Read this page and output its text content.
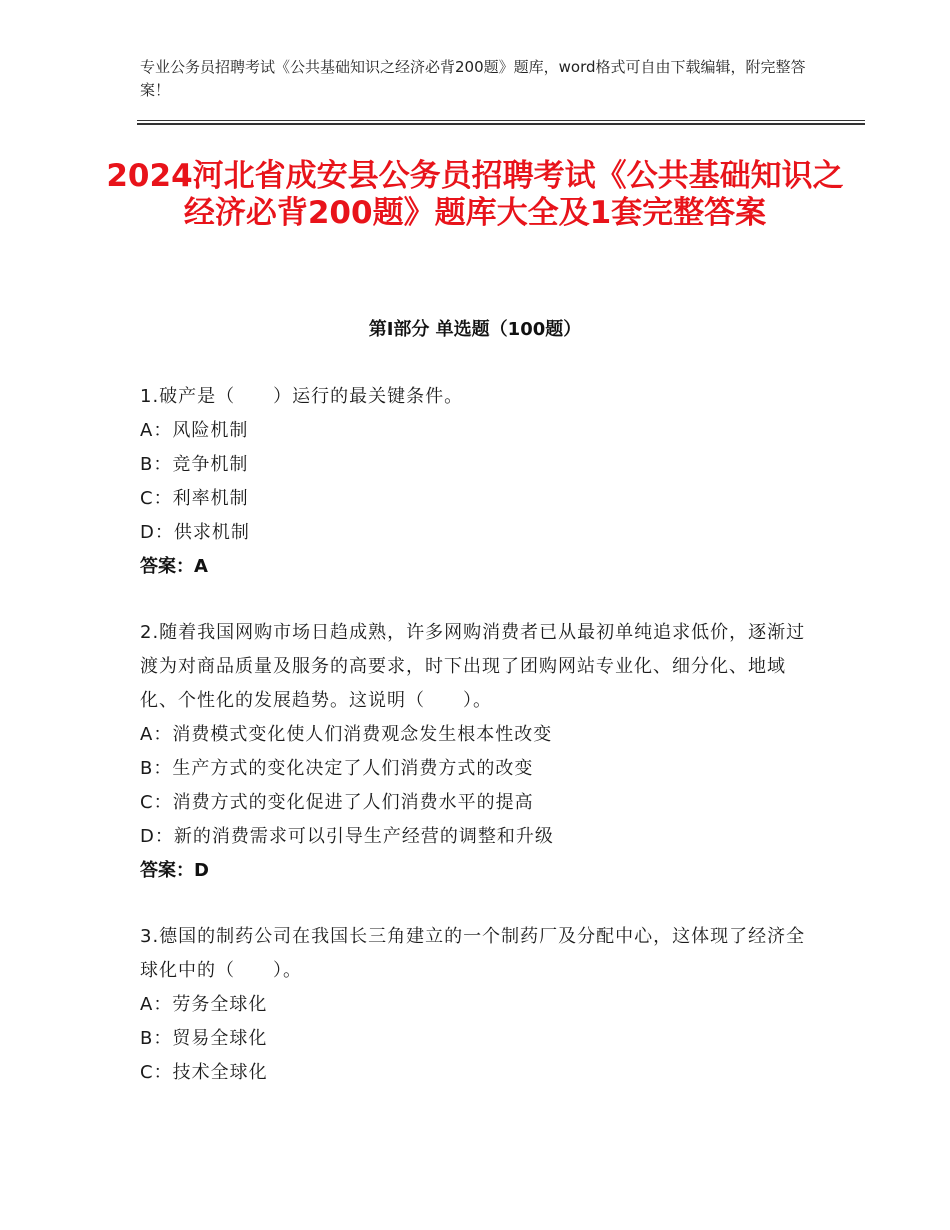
专业公务员招聘考试《公共基础知识之经济必背200题》题库，word格式可自由下载编辑，附完整答案！
2024河北省成安县公务员招聘考试《公共基础知识之经济必背200题》题库大全及1套完整答案
第Ⅰ部分 单选题（100题）
1.破产是（　　）运行的最关键条件。
A：风险机制
B：竞争机制
C：利率机制
D：供求机制
答案：A
2.随着我国网购市场日趋成熟，许多网购消费者已从最初单纯追求低价，逐渐过渡为对商品质量及服务的高要求，时下出现了团购网站专业化、细分化、地域化、个性化的发展趋势。这说明（　　）。
A：消费模式变化使人们消费观念发生根本性改变
B：生产方式的变化决定了人们消费方式的改变
C：消费方式的变化促进了人们消费水平的提高
D：新的消费需求可以引导生产经营的调整和升级
答案：D
3.德国的制药公司在我国长三角建立的一个制药厂及分配中心，这体现了经济全球化中的（　　）。
A：劳务全球化
B：贸易全球化
C：技术全球化
